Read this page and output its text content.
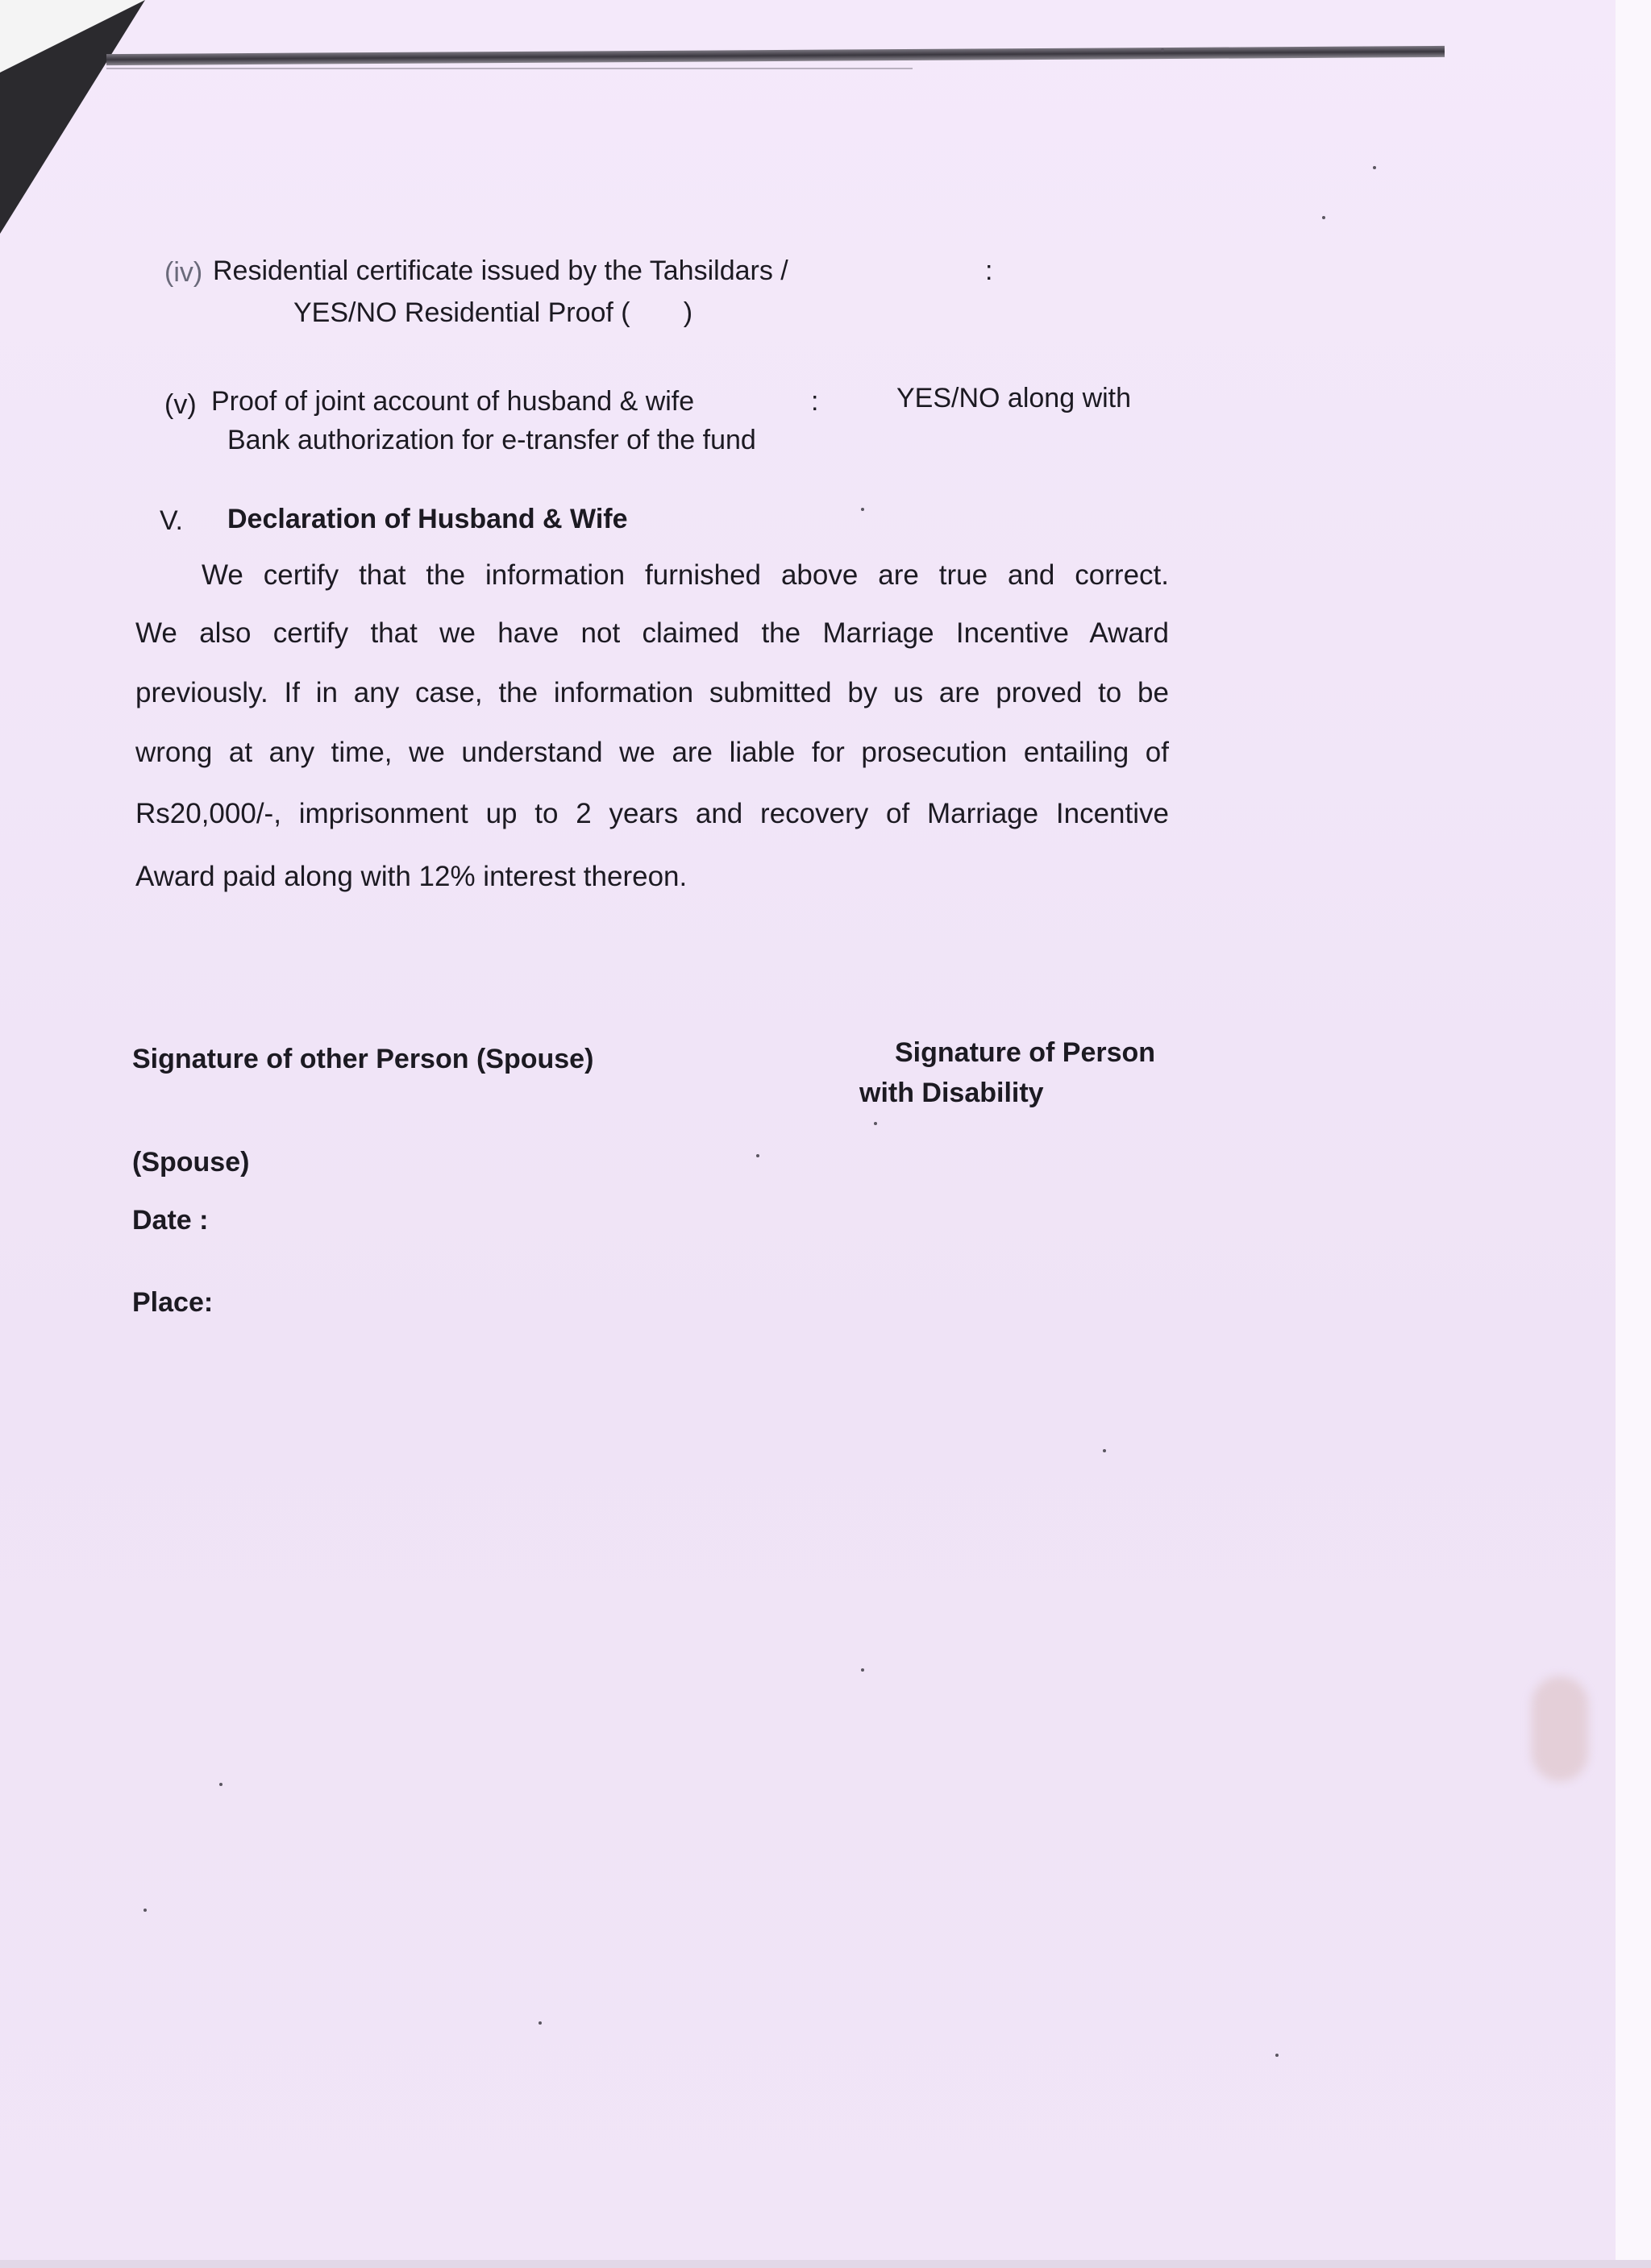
(iv) Residential certificate issued by the Tahsildars /	:
YES/NO Residential Proof (       )
(v) Proof of joint account of husband & wife	:	YES/NO along with
Bank authorization for e-transfer of the fund
V. Declaration of Husband & Wife
We certify that the information furnished above are true and correct.
We also certify that we have not claimed the Marriage Incentive Award
previously. If in any case, the information submitted by us are proved to be
wrong at any time, we understand we are liable for prosecution entailing of
Rs20,000/-, imprisonment up to 2 years and recovery of Marriage Incentive
Award paid along with 12% interest thereon.
Signature of other Person (Spouse)	Signature of Person
with Disability
(Spouse)
Date :
Place:
